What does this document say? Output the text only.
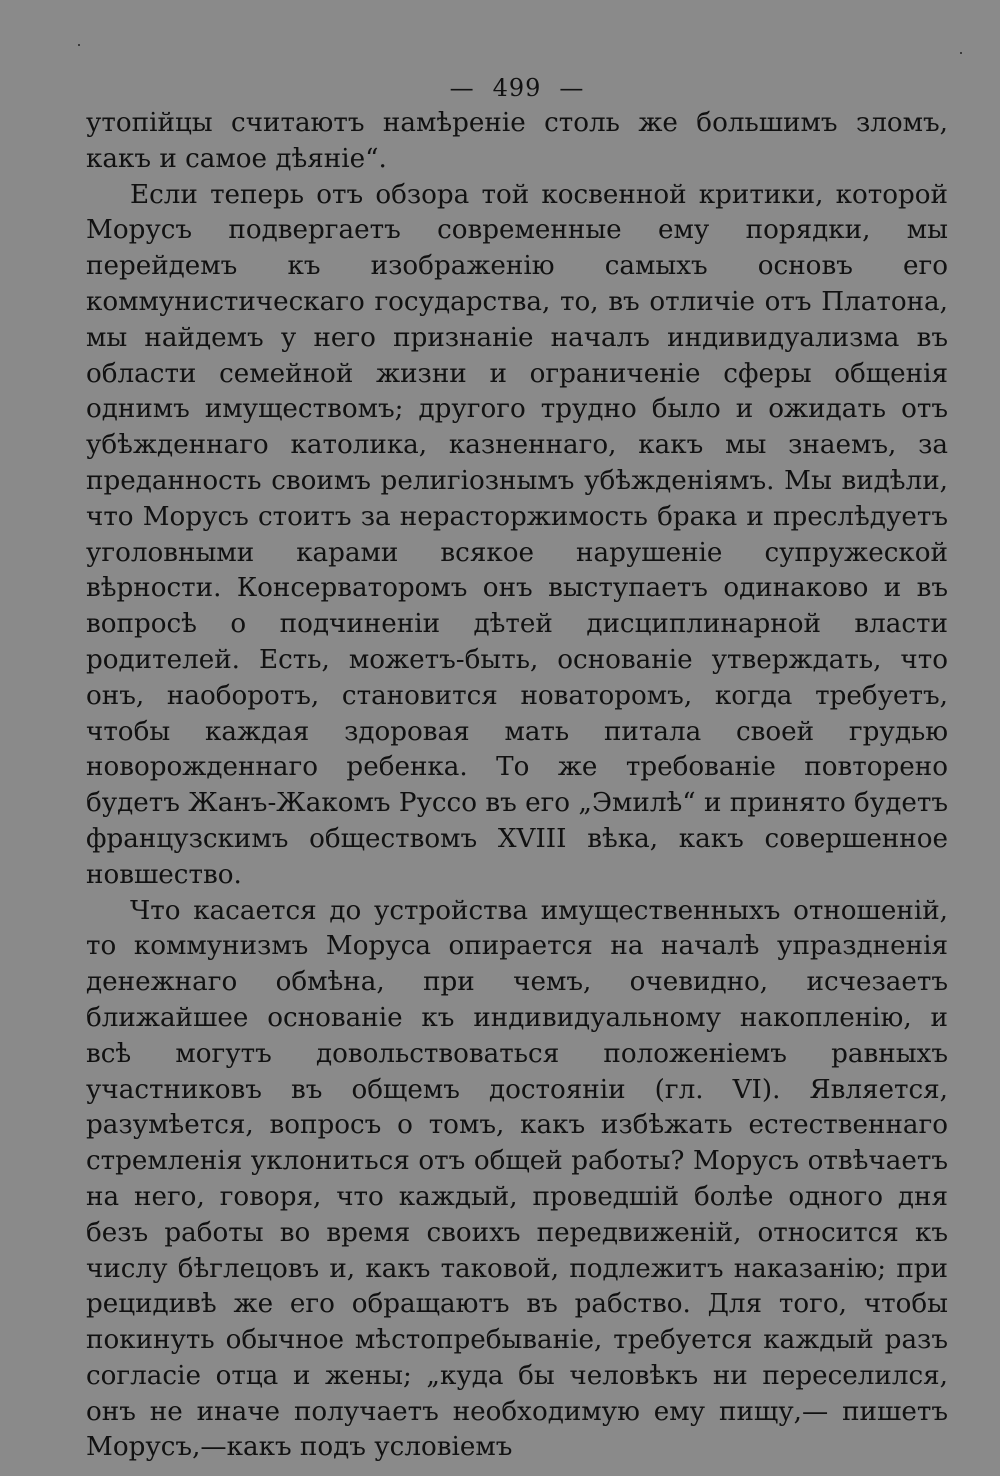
— 499 —

утопійцы считаютъ намѣреніе столь же большимъ зломъ, какъ и самое дѣяніе“.

Если теперь отъ обзора той косвенной критики, которой Морусъ подвергаетъ современные ему порядки, мы перейдемъ къ изображенію самыхъ основъ его коммунистическаго государства, то, въ отличіе отъ Платона, мы найдемъ у него признаніе началъ индивидуализма въ области семейной жизни и ограниченіе сферы общенія однимъ имуществомъ; другого трудно было и ожидать отъ убѣжденнаго католика, казненнаго, какъ мы знаемъ, за преданность своимъ религіознымъ убѣжденіямъ. Мы видѣли, что Морусъ стоитъ за нерасторжимость брака и преслѣдуетъ уголовными карами всякое нарушеніе супружеской вѣрности. Консерваторомъ онъ выступаетъ одинаково и въ вопросѣ о подчиненіи дѣтей дисциплинарной власти родителей. Есть, можетъ-быть, основаніе утверждать, что онъ, наоборотъ, становится новаторомъ, когда требуетъ, чтобы каждая здоровая мать питала своей грудью новорожденнаго ребенка. То же требованіе повторено будетъ Жанъ-Жакомъ Руссо въ его „Эмилѣ“ и принято будетъ французскимъ обществомъ XVIII вѣка, какъ совершенное новшество.

Что касается до устройства имущественныхъ отношеній, то коммунизмъ Моруса опирается на началѣ упраздненія денежнаго обмѣна, при чемъ, очевидно, исчезаетъ ближайшее основаніе къ индивидуальному накопленію, и всѣ могутъ довольствоваться положеніемъ равныхъ участниковъ въ общемъ достояніи (гл. VI). Является, разумѣется, вопросъ о томъ, какъ избѣжать естественнаго стремленія уклониться отъ общей работы? Морусъ отвѣчаетъ на него, говоря, что каждый, проведшій болѣе одного дня безъ работы во время своихъ передвиженій, относится къ числу бѣглецовъ и, какъ таковой, подлежитъ наказанію; при рецидивѣ же его обращаютъ въ рабство. Для того, чтобы покинуть обычное мѣстопребываніе, требуется каждый разъ согласіе отца и жены; „куда бы человѣкъ ни переселился, онъ не иначе получаетъ необходимую ему пищу,— пишетъ Морусъ,—какъ подъ условіемъ
